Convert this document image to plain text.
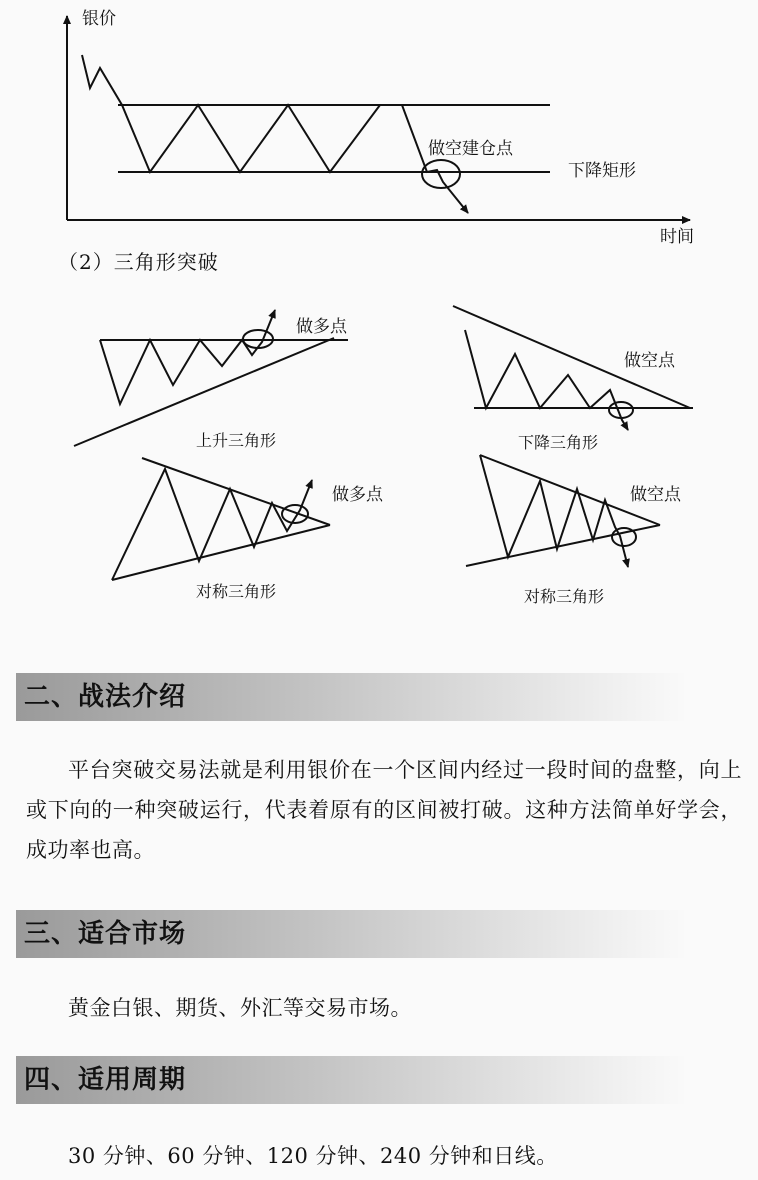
银价
时间
做空建仓点
下降矩形
做多点
上升三角形
做空点
下降三角形
做多点
对称三角形
做空点
对称三角形
（2）三角形突破
二、战法介绍

平台突破交易法就是利用银价在一个区间内经过一段时间的盘整，向上或下向的一种突破运行，代表着原有的区间被打破。这种方法简单好学会，成功率也高。

三、适合市场

黄金白银、期货、外汇等交易市场。

四、适用周期

30 分钟、60 分钟、120 分钟、240 分钟和日线。
